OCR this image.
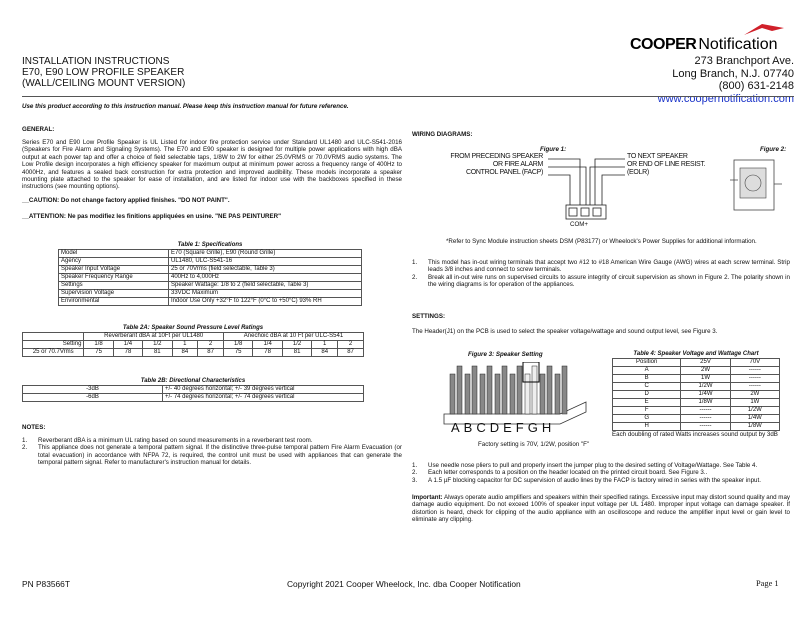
COOPER Notification
273 Branchport Ave.
Long Branch, N.J. 07740
(800) 631-2148
www.coopernotification.com
INSTALLATION INSTRUCTIONS
E70, E90 LOW PROFILE SPEAKER
(WALL/CEILING MOUNT VERSION)
Use this product according to this instruction manual. Please keep this instruction manual for future reference.
GENERAL:
Series E70 and E90 Low Profile Speaker is UL Listed for indoor fire protection service under Standard UL1480 and ULC-S541-2016 (Speakers for Fire Alarm and Signaling Systems). The E70 and E90 speaker is designed for multiple power applications with high dBA output at each power tap and offer a choice of field selectable taps, 1/8W to 2W for either 25.0VRMS or 70.0VRMS audio systems. The Low Profile design incorporates a high efficiency speaker for maximum output at minimum power across a frequency range of 400Hz to 4000Hz, and features a sealed back construction for extra protection and improved audibility. These models incorporate a speaker mounting plate attached to the speaker for ease of installation, and are listed for indoor use with the backboxes specified in these instructions (see mounting options).
__CAUTION: Do not change factory applied finishes. "DO NOT PAINT".
__ATTENTION: Ne pas modifiez les finitions appliquées en usine. "NE PAS PEINTURER"
Table 1: Specifications	
Model	E70 (Square Grille), E90 (Round Grille)
Agency	UL1480, ULC-S541-16
Speaker Input Voltage	25 or 70Vrms (field selectable, Table 3)
Speaker Frequency Range	400Hz to 4,000Hz
Settings	Speaker Wattage: 1/8 to 2 (field selectable, Table 3)
Supervision Voltage	33VDC Maximum
Environmental	Indoor Use Only +32°F to 122°F (0°C to +50°C) 93% RH
Table 2A: Speaker Sound Pressure Level Ratings										
	Reverberant dBA at 10Ft per UL1480					Anechoic dBA at 10 Ft per ULC-S541				
Setting	1/8	1/4	1/2	1	2	1/8	1/4	1/2	1	2
25 or 70.7Vrms	75	78	81	84	87	75	78	81	84	87
Table 2B: Directional Characteristics	
-3dB	+/- 40 degrees horizontal; +/- 39 degrees vertical
-6dB	+/- 74 degrees horizontal; +/- 74 degrees vertical
NOTES:
1. Reverberant dBA is a minimum UL rating based on sound measurements in a reverberant test room.
2. This appliance does not generate a temporal pattern signal. If the distinctive three-pulse temporal pattern Fire Alarm Evacuation (or total evacuation) in accordance with NFPA 72, is required, the control unit must be used with appliances that can generate the temporal pattern signal. Refer to manufacturer's instruction manual for details.
WIRING DIAGRAMS:
Figure 1:	Figure 2:
FROM PRECEDING SPEAKER
OR FIRE ALARM
CONTROL PANEL (FACP)
TO NEXT SPEAKER
OR END OF LINE RESIST.
(EOLR)
COM+
*Refer to Sync Module instruction sheets DSM (P83177) or Wheelock's Power Supplies for additional information.
1. This model has in-out wiring terminals that accept two #12 to #18 American Wire Gauge (AWG) wires at each screw terminal. Strip leads 3/8 inches and connect to screw terminals.
2. Break all in-out wire runs on supervised circuits to assure integrity of circuit supervision as shown in Figure 2. The polarity shown in the wiring diagrams is for operation of the appliances.
SETTINGS:
The Header(J1) on the PCB is used to select the speaker voltage/wattage and sound output level, see Figure 3.
Figure 3: Speaker Setting
ABCDEFGH
Factory setting is 70V, 1/2W, position "F"
Table 4: Speaker Voltage and Wattage Chart		
Position	25V	70V
A	2W	------
B	1W	------
C	1/2W	------
D	1/4W	2W
E	1/8W	1W
F	------	1/2W
G	------	1/4W
H	------	1/8W
Each doubling of rated Watts increases sound output by 3dB
1. Use needle nose pliers to pull and properly insert the jumper plug to the desired setting of Voltage/Wattage. See Table 4.
2. Each letter corresponds to a position on the header located on the printed circuit board. See Figure 3..
3. A 1.5 µF blocking capacitor for DC supervision of audio lines by the FACP is factory wired in series with the speaker input.
Important: Always operate audio amplifiers and speakers within their specified ratings. Excessive input may distort sound quality and may damage audio equipment. Do not exceed 100% of speaker input voltage per UL 1480. Improper input voltage can damage speaker. If distortion is heard, check for clipping of the audio appliance with an oscilloscope and reduce the amplifier input level or gain level to eliminate any clipping.
PN P83566T	Copyright 2021 Cooper Wheelock, Inc. dba Cooper Notification	Page 1
